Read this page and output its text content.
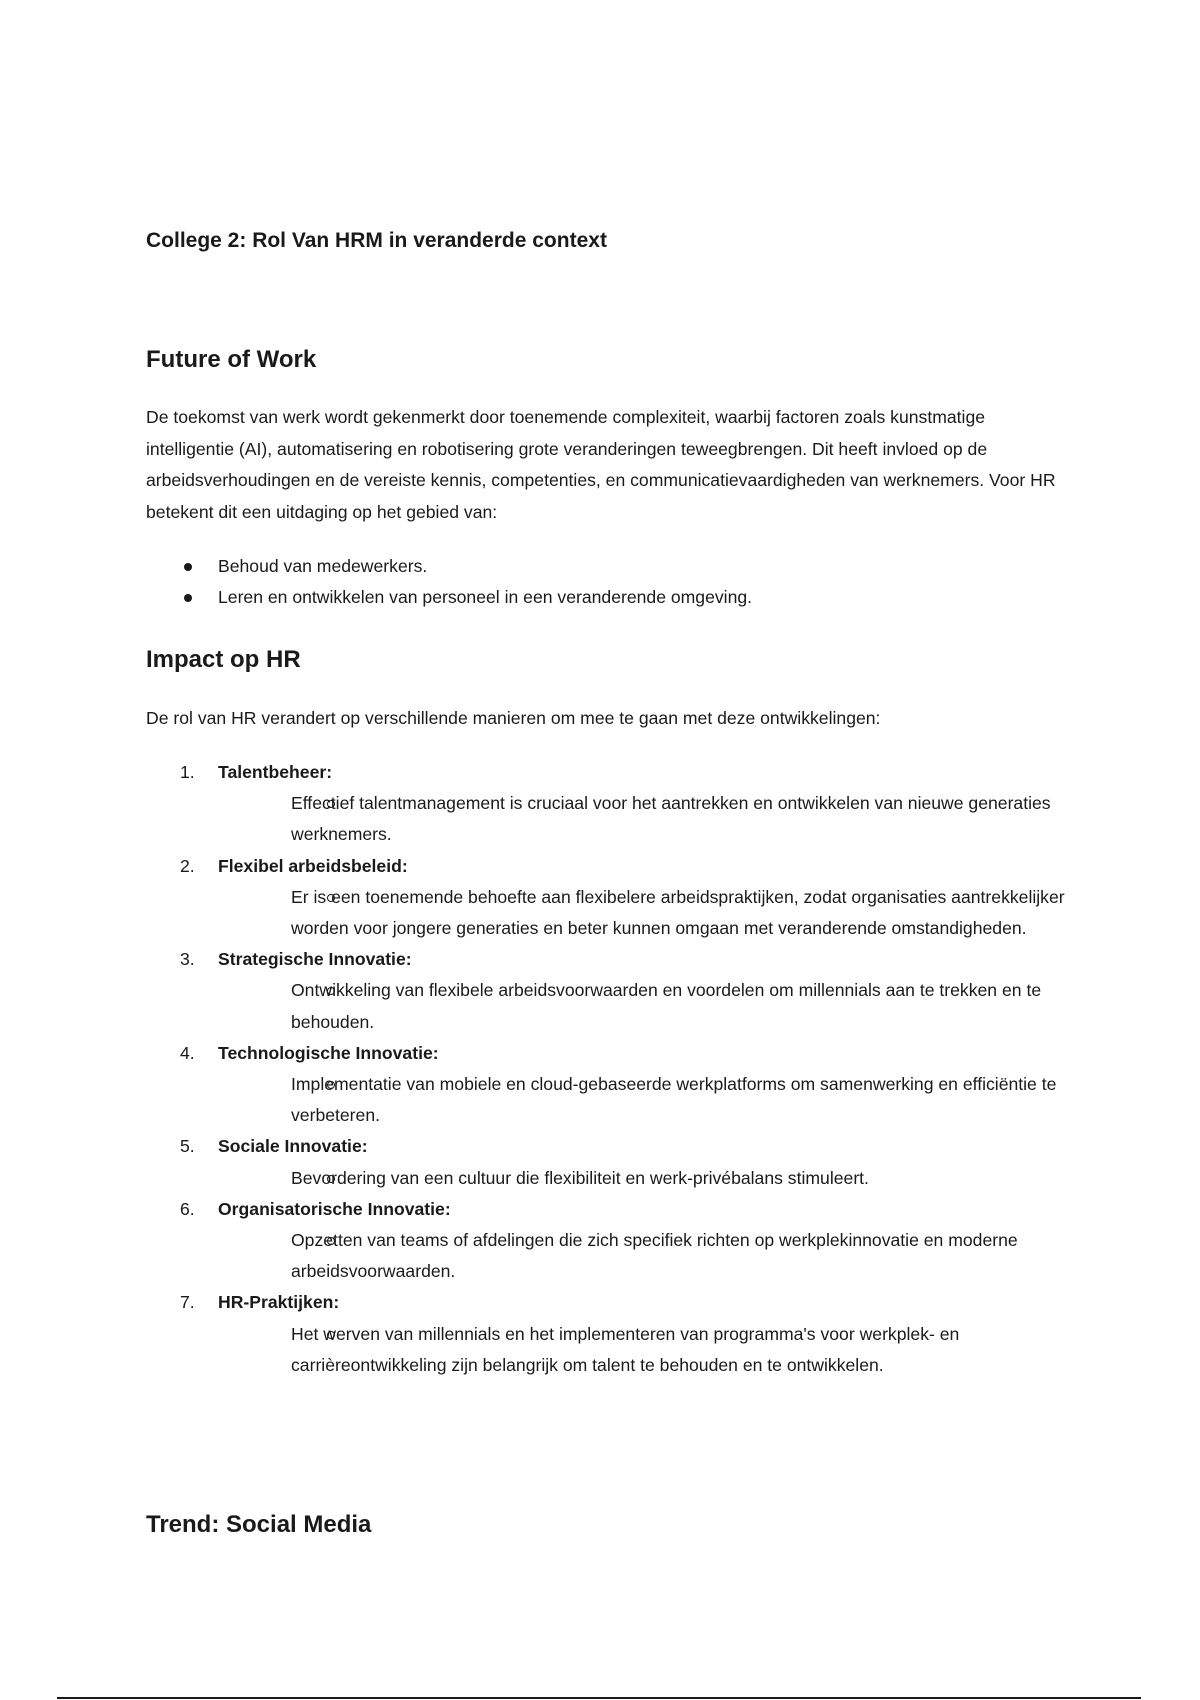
College 2: Rol Van HRM in veranderde context
Future of Work

De toekomst van werk wordt gekenmerkt door toenemende complexiteit, waarbij factoren zoals kunstmatige intelligentie (AI), automatisering en robotisering grote veranderingen teweegbrengen. Dit heeft invloed op de arbeidsverhoudingen en de vereiste kennis, competenties, en communicatievaardigheden van werknemers. Voor HR betekent dit een uitdaging op het gebied van:

Behoud van medewerkers.
Leren en ontwikkelen van personeel in een veranderende omgeving.
Impact op HR

De rol van HR verandert op verschillende manieren om mee te gaan met deze ontwikkelingen:

1.	Talentbeheer:
Effectief talentmanagement is cruciaal voor het aantrekken en ontwikkelen van nieuwe generaties werknemers.
2.	Flexibel arbeidsbeleid:
Er is een toenemende behoefte aan flexibelere arbeidspraktijken, zodat organisaties aantrekkelijker worden voor jongere generaties en beter kunnen omgaan met veranderende omstandigheden.
3.	Strategische Innovatie:
Ontwikkeling van flexibele arbeidsvoorwaarden en voordelen om millennials aan te trekken en te behouden.
4.	Technologische Innovatie:
Implementatie van mobiele en cloud-gebaseerde werkplatforms om samenwerking en efficiëntie te verbeteren.
5.	Sociale Innovatie:
Bevordering van een cultuur die flexibiliteit en werk-privébalans stimuleert.
6.	Organisatorische Innovatie:
Opzetten van teams of afdelingen die zich specifiek richten op werkplekinnovatie en moderne arbeidsvoorwaarden.
7.	HR-Praktijken:
Het werven van millennials en het implementeren van programma's voor werkplek- en carrièreontwikkeling zijn belangrijk om talent te behouden en te ontwikkelen.
Trend: Social Media
